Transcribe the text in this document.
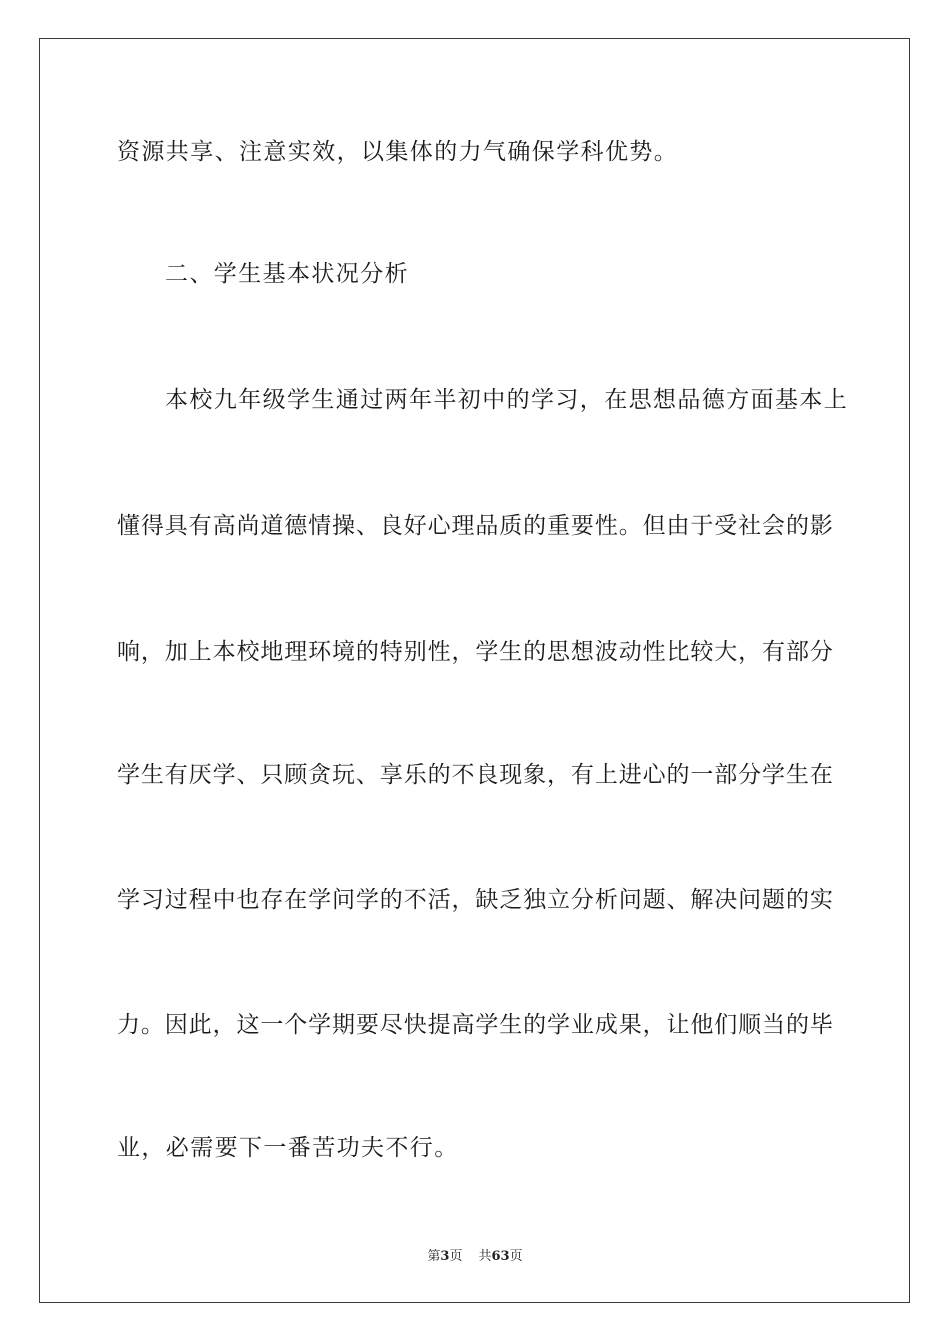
资源共享、注意实效，以集体的力气确保学科优势。
二、学生基本状况分析
本校九年级学生通过两年半初中的学习，在思想品德方面基本上
懂 得 具 有 高 尚 道 德 情 操 、 良 好 心 理 品 质 的 重 要 性 。 但 由 于 受 社 会 的 影
响 ， 加 上 本 校 地 理 环 境 的 特 别 性 ， 学 生 的 思 想 波 动 性 比 较 大 ， 有 部 分
学 生 有 厌 学 、 只 顾 贪 玩 、 享 乐 的 不 良 现 象 ， 有 上 进 心 的 一 部 分 学 生 在
学 习 过 程 中 也 存 在 学 问 学 的 不 活 ， 缺 乏 独 立 分 析 问 题 、 解 决 问 题 的 实
力 。 因 此 ， 这 一 个 学 期 要 尽 快 提 高 学 生 的 学 业 成 果 ， 让 他 们 顺 当 的 毕
业，必需要下一番苦功夫不行。
第3页 共63页
